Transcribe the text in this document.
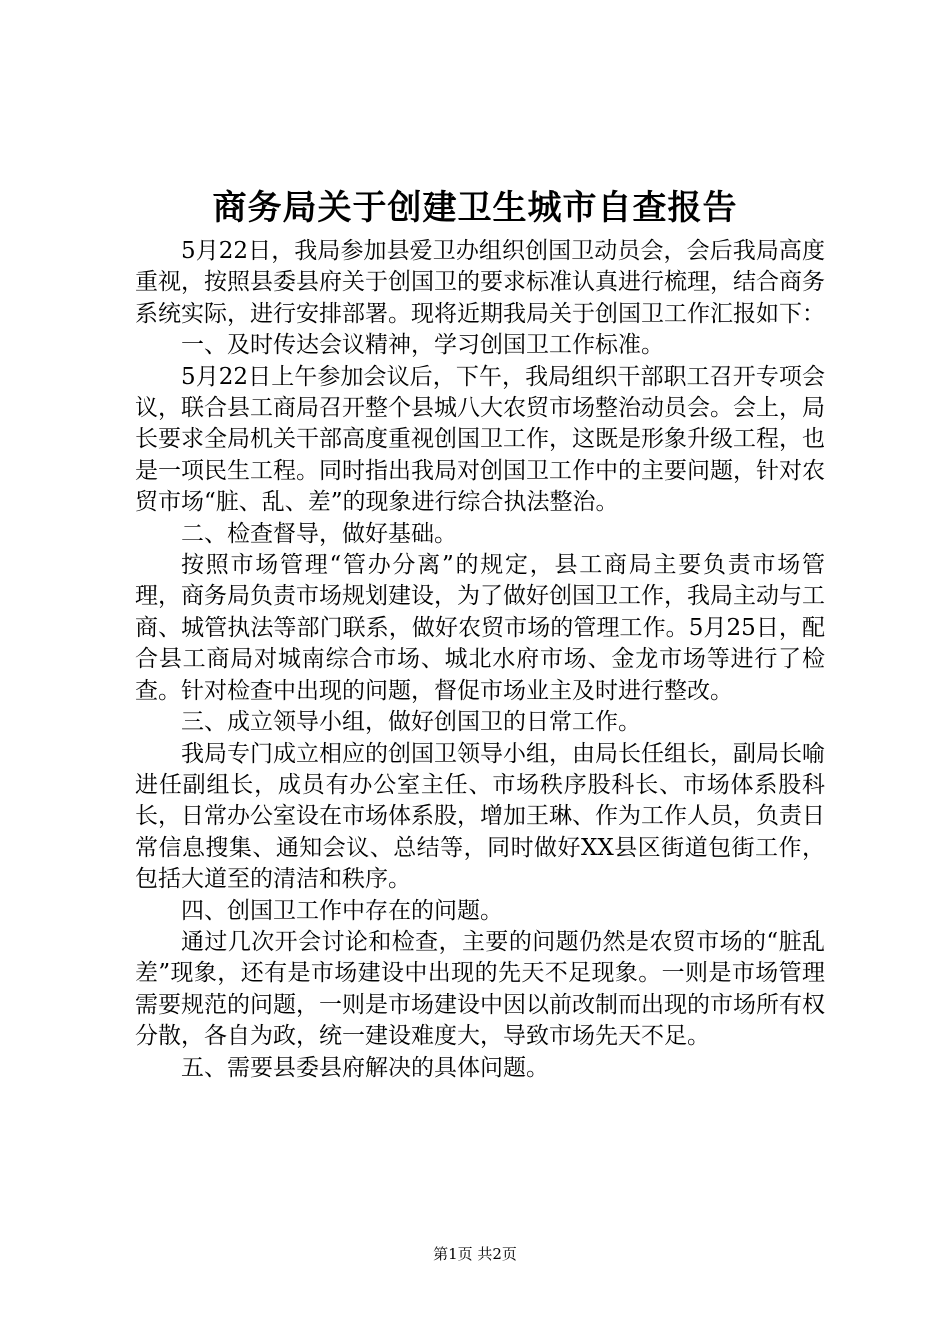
商务局关于创建卫生城市自查报告

5月22日，我局参加县爱卫办组织创国卫动员会，会后我局高度重视，按照县委县府关于创国卫的要求标准认真进行梳理，结合商务系统实际，进行安排部署。现将近期我局关于创国卫工作汇报如下：

一、及时传达会议精神，学习创国卫工作标准。

5月22日上午参加会议后，下午，我局组织干部职工召开专项会议，联合县工商局召开整个县城八大农贸市场整治动员会。会上，局长要求全局机关干部高度重视创国卫工作，这既是形象升级工程，也是一项民生工程。同时指出我局对创国卫工作中的主要问题，针对农贸市场“脏、乱、差”的现象进行综合执法整治。

二、检查督导，做好基础。

按照市场管理“管办分离”的规定，县工商局主要负责市场管理，商务局负责市场规划建设，为了做好创国卫工作，我局主动与工商、城管执法等部门联系，做好农贸市场的管理工作。5月25日，配合县工商局对城南综合市场、城北水府市场、金龙市场等进行了检查。针对检查中出现的问题，督促市场业主及时进行整改。

三、成立领导小组，做好创国卫的日常工作。

我局专门成立相应的创国卫领导小组，由局长任组长，副局长喻进任副组长，成员有办公室主任、市场秩序股科长、市场体系股科长，日常办公室设在市场体系股，增加王琳、作为工作人员，负责日常信息搜集、通知会议、总结等，同时做好XX县区街道包街工作，包括大道至的清洁和秩序。

四、创国卫工作中存在的问题。

通过几次开会讨论和检查，主要的问题仍然是农贸市场的“脏乱差”现象，还有是市场建设中出现的先天不足现象。一则是市场管理需要规范的问题，一则是市场建设中因以前改制而出现的市场所有权分散，各自为政，统一建设难度大，导致市场先天不足。

五、需要县委县府解决的具体问题。

第1页 共2页
